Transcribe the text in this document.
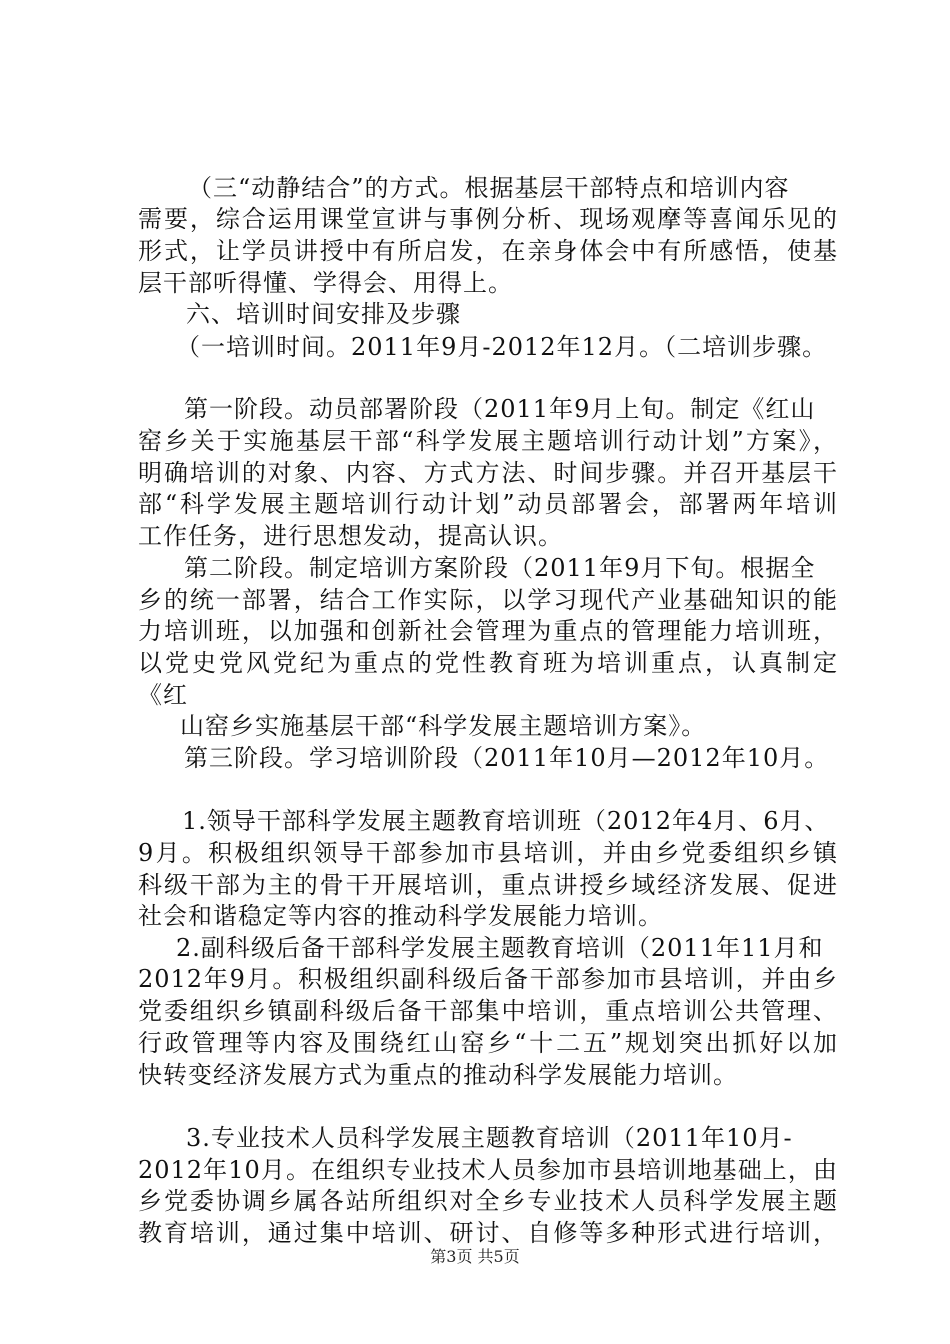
（三“动静结合”的方式。根据基层干部特点和培训内容
需要，综合运用课堂宣讲与事例分析、现场观摩等喜闻乐见的
形式，让学员讲授中有所启发，在亲身体会中有所感悟，使基
层干部听得懂、学得会、用得上。
六、培训时间安排及步骤
（一培训时间。2011年9月-2012年12月。（二培训步骤。
第一阶段。动员部署阶段（2011年9月上旬。制定《红山
窑乡关于实施基层干部“科学发展主题培训行动计划”方案》，
明确培训的对象、内容、方式方法、时间步骤。并召开基层干
部“科学发展主题培训行动计划”动员部署会，部署两年培训
工作任务，进行思想发动，提高认识。
第二阶段。制定培训方案阶段（2011年9月下旬。根据全
乡的统一部署，结合工作实际，以学习现代产业基础知识的能
力培训班，以加强和创新社会管理为重点的管理能力培训班，
以党史党风党纪为重点的党性教育班为培训重点，认真制定
《红
山窑乡实施基层干部“科学发展主题培训方案》。
第三阶段。学习培训阶段（2011年10月—2012年10月。
1.领导干部科学发展主题教育培训班（2012年4月、6月、
9月。积极组织领导干部参加市县培训，并由乡党委组织乡镇
科级干部为主的骨干开展培训，重点讲授乡域经济发展、促进
社会和谐稳定等内容的推动科学发展能力培训。
2.副科级后备干部科学发展主题教育培训（2011年11月和
2012年9月。积极组织副科级后备干部参加市县培训，并由乡
党委组织乡镇副科级后备干部集中培训，重点培训公共管理、
行政管理等内容及围绕红山窑乡“十二五”规划突出抓好以加
快转变经济发展方式为重点的推动科学发展能力培训。
3.专业技术人员科学发展主题教育培训（2011年10月-
2012年10月。在组织专业技术人员参加市县培训地基础上，由
乡党委协调乡属各站所组织对全乡专业技术人员科学发展主题
教育培训，通过集中培训、研讨、自修等多种形式进行培训，
第3页 共5页
